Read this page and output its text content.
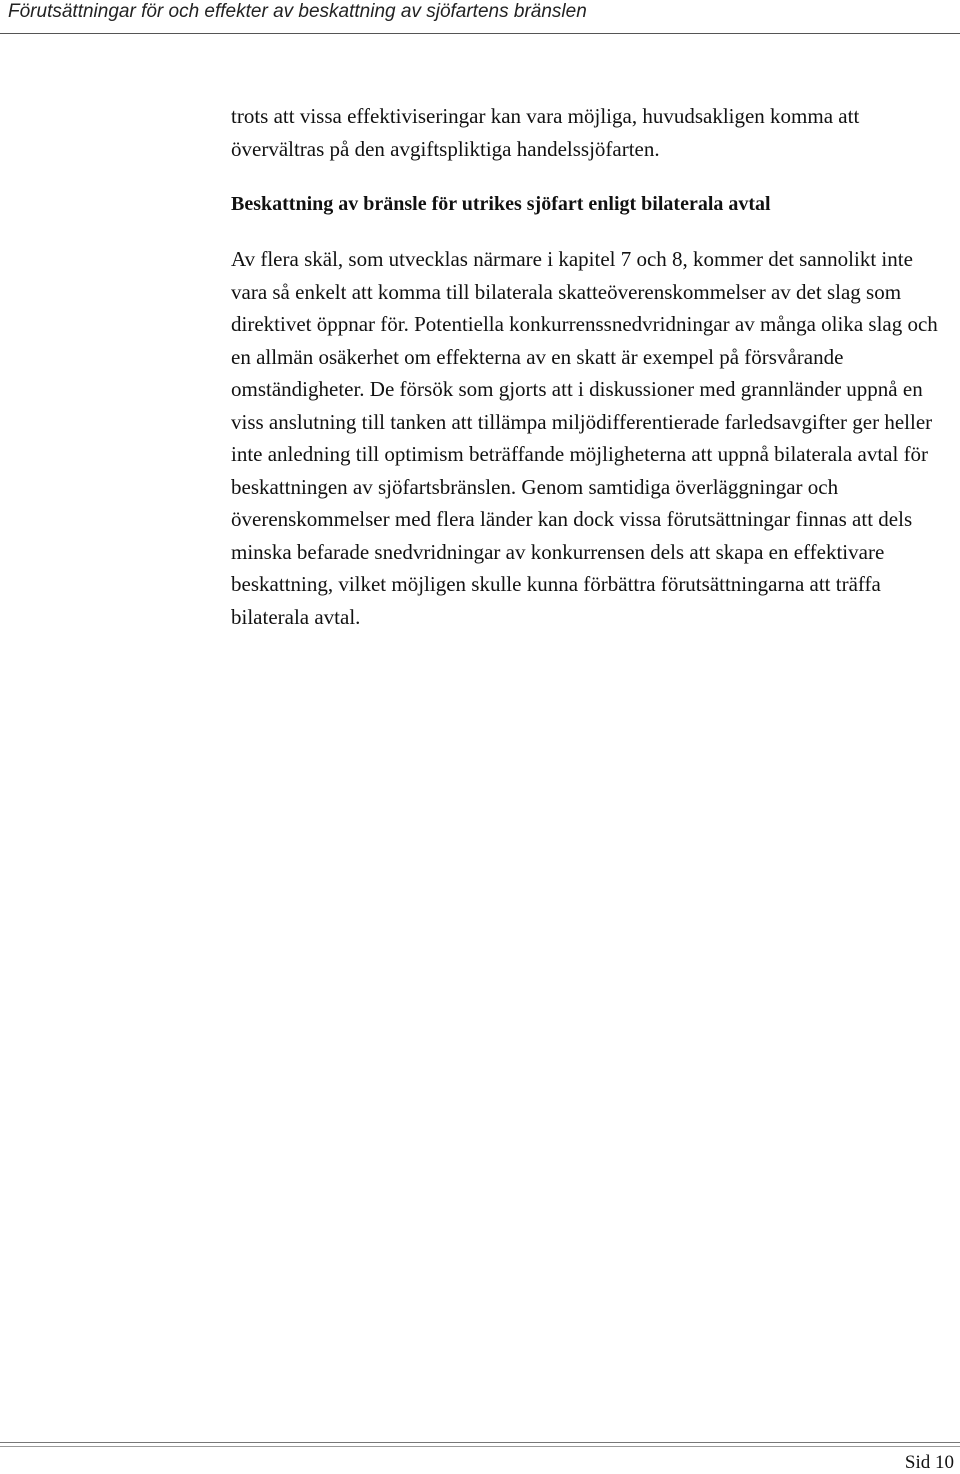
Förutsättningar för och effekter av beskattning av sjöfartens bränslen

trots att vissa effektiviseringar kan vara möjliga, huvudsakligen komma att övervältras på den avgiftspliktiga handelssjöfarten.

Beskattning av bränsle för utrikes sjöfart enligt bilaterala avtal

Av flera skäl, som utvecklas närmare i kapitel 7 och 8, kommer det sannolikt inte vara så enkelt att komma till bilaterala skatteöverenskommelser av det slag som direktivet öppnar för. Potentiella konkurrenssnedvridningar av många olika slag och en allmän osäkerhet om effekterna av en skatt är exempel på försvårande omständigheter. De försök som gjorts att i diskussioner med grannländer uppnå en viss anslutning till tanken att tillämpa miljödifferentierade farledsavgifter ger heller inte anledning till optimism beträffande möjligheterna att uppnå bilaterala avtal för beskattningen av sjöfartsbränslen. Genom samtidiga överläggningar och överenskommelser med flera länder kan dock vissa förutsättningar finnas att dels minska befarade snedvridningar av konkurrensen dels att skapa en effektivare beskattning, vilket möjligen skulle kunna förbättra förutsättningarna att träffa bilaterala avtal.

Sid 10
